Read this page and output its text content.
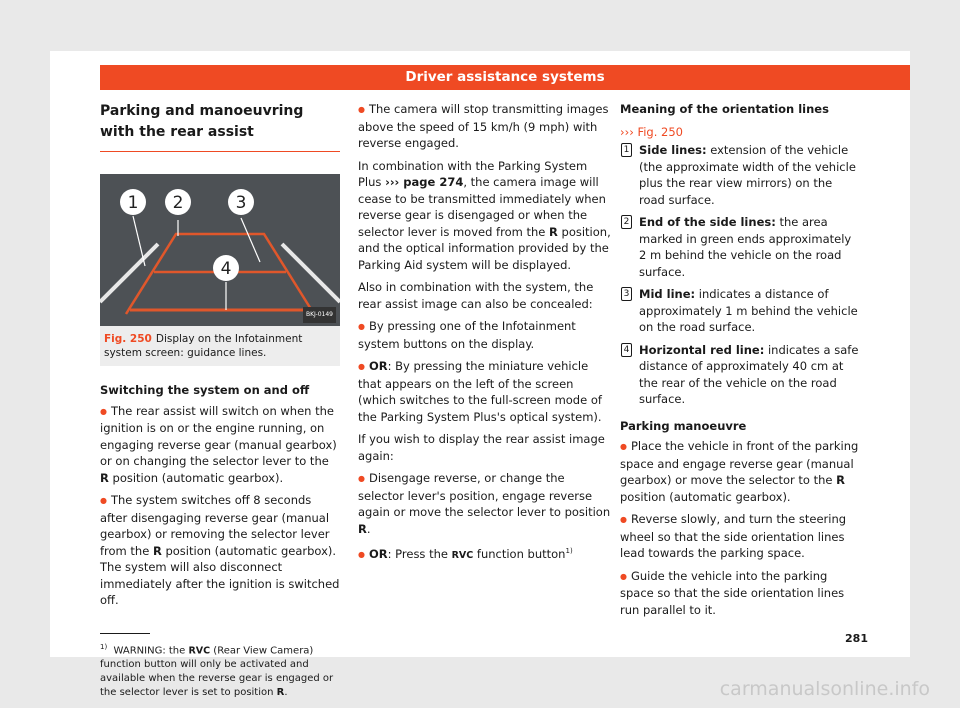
Driver assistance systems
Parking and manoeuvring with the rear assist
1 2	3
4
BKJ-0149
Fig. 250 Display on the Infotainment system screen: guidance lines.
Switching the system on and off

● The rear assist will switch on when the ignition is on or the engine running, on engaging reverse gear (manual gearbox) or on changing the selector lever to the R position (automatic gearbox).

● The system switches off 8 seconds after disengaging reverse gear (manual gearbox) or removing the selector lever from the R position (automatic gearbox). The system will also disconnect immediately after the ignition is switched off.

$^{1)}$ WARNING: the RVC (Rear View Camera) function button will only be activated and available when the reverse gear is engaged or the selector lever is set to position R.

● The camera will stop transmitting images above the speed of 15 km/h (9 mph) with reverse engaged.

In combination with the Parking System Plus ››› page 274, the camera image will cease to be transmitted immediately when reverse gear is disengaged or when the selector lever is moved from the R position, and the optical information provided by the Parking Aid system will be displayed.

Also in combination with the system, the rear assist image can also be concealed:

● By pressing one of the Infotainment system buttons on the display.

● OR: By pressing the miniature vehicle that appears on the left of the screen (which switches to the full-screen mode of the Parking System Plus's optical system).

If you wish to display the rear assist image again:

● Disengage reverse, or change the selector lever's position, engage reverse again or move the selector lever to position R.

● OR: Press the RVC function button$^{1)}$

Meaning of the orientation lines
››› Fig. 250
1 Side lines: extension of the vehicle (the approximate width of the vehicle plus the rear view mirrors) on the road surface.
2 End of the side lines: the area marked in green ends approximately 2 m behind the vehicle on the road surface.
3 Mid line: indicates a distance of approximately 1 m behind the vehicle on the road surface.
4 Horizontal red line: indicates a safe distance of approximately 40 cm at the rear of the vehicle on the road surface.
Parking manoeuvre

● Place the vehicle in front of the parking space and engage reverse gear (manual gearbox) or move the selector to the R position (automatic gearbox).

● Reverse slowly, and turn the steering wheel so that the side orientation lines lead towards the parking space.

● Guide the vehicle into the parking space so that the side orientation lines run parallel to it.

281
carmanualsonline.info
